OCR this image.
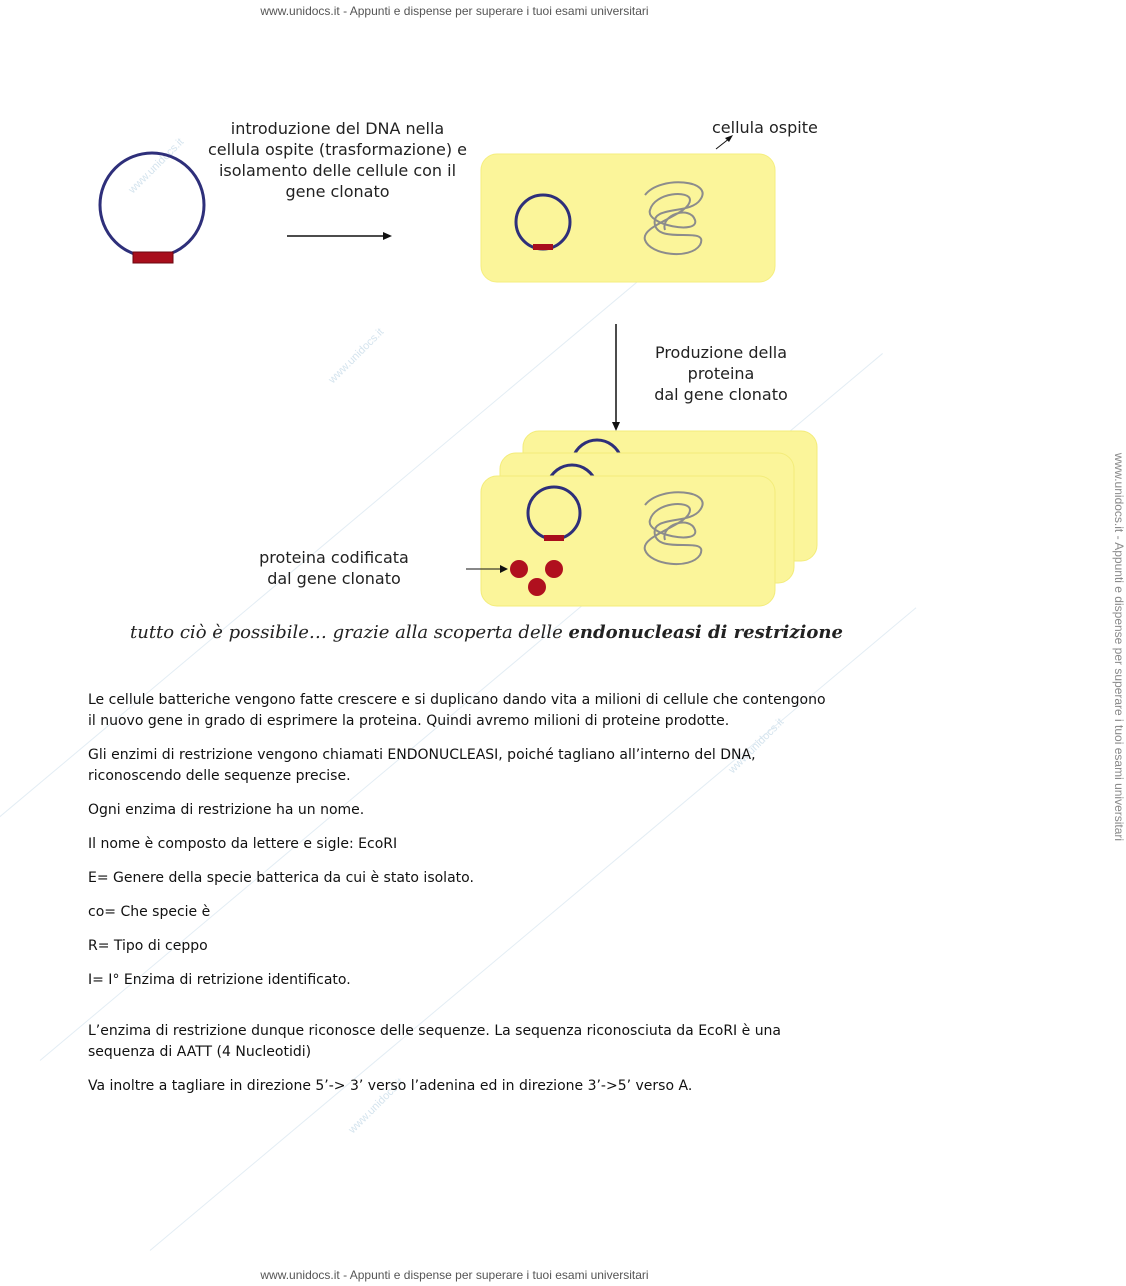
www.unidocs.it
www.unidocs.it
www.unidocs.it
www.unidocs.it
www.unidocs.it - Appunti e dispense per superare i tuoi esami universitari
www.unidocs.it - Appunti e dispense per superare i tuoi esami universitari
introduzione del DNA nella
cellula ospite (trasformazione) e
isolamento delle cellule con il
gene clonato
cellula ospite
Produzione della
proteina
dal gene clonato
proteina codificata
dal gene clonato
tutto ciò è possibile… grazie alla scoperta delle endonucleasi di restrizione

Le cellule batteriche vengono fatte crescere e si duplicano dando vita a milioni di cellule che contengono il nuovo gene in grado di esprimere la proteina. Quindi avremo milioni di proteine prodotte.

Gli enzimi di restrizione vengono chiamati ENDONUCLEASI, poiché tagliano all’interno del DNA, riconoscendo delle sequenze precise.

Ogni enzima di restrizione ha un nome.

Il nome è composto da lettere e sigle: EcoRI

E= Genere della specie batterica da cui è stato isolato.

co= Che specie è

R= Tipo di ceppo

I= I° Enzima di retrizione identificato.

L’enzima di restrizione dunque riconosce delle sequenze. La sequenza riconosciuta da EcoRI è una sequenza di AATT (4 Nucleotidi)

Va inoltre a tagliare in direzione 5’-> 3’ verso l’adenina ed in direzione 3’->5’ verso A.

www.unidocs.it - Appunti e dispense per superare i tuoi esami universitari
